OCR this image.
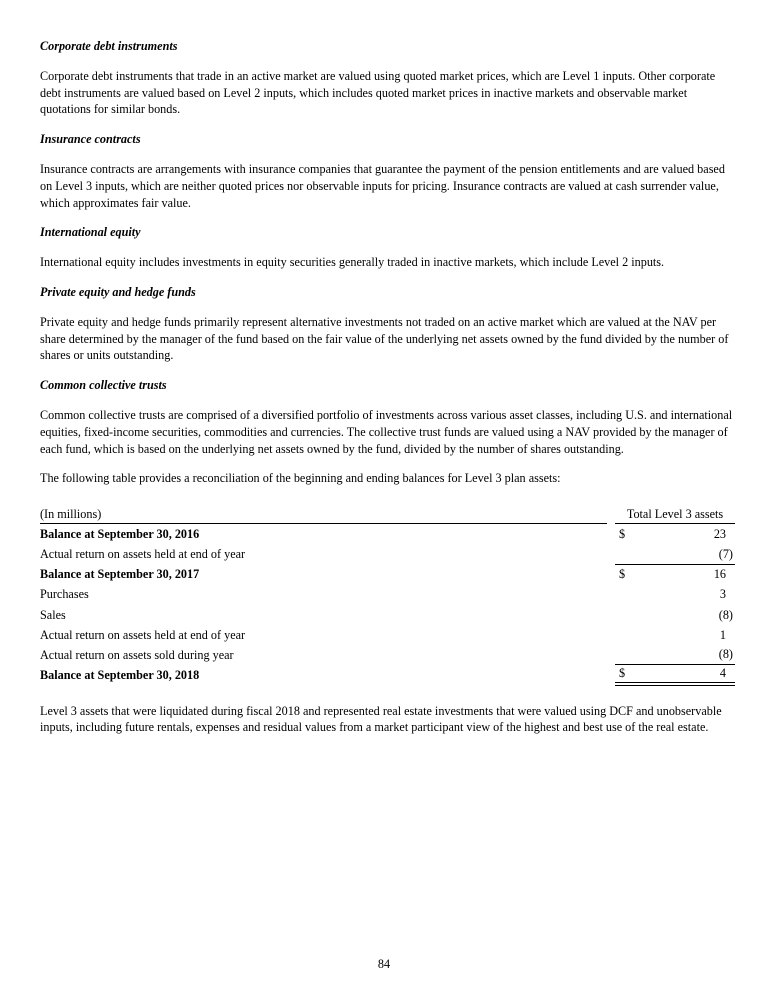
Corporate debt instruments

Corporate debt instruments that trade in an active market are valued using quoted market prices, which are Level 1 inputs. Other corporate debt instruments are valued based on Level 2 inputs, which includes quoted market prices in inactive markets and observable market quotations for similar bonds.

Insurance contracts

Insurance contracts are arrangements with insurance companies that guarantee the payment of the pension entitlements and are valued based on Level 3 inputs, which are neither quoted prices nor observable inputs for pricing. Insurance contracts are valued at cash surrender value, which approximates fair value.

International equity

International equity includes investments in equity securities generally traded in inactive markets, which include Level 2 inputs.

Private equity and hedge funds

Private equity and hedge funds primarily represent alternative investments not traded on an active market which are valued at the NAV per share determined by the manager of the fund based on the fair value of the underlying net assets owned by the fund divided by the number of shares or units outstanding.

Common collective trusts

Common collective trusts are comprised of a diversified portfolio of investments across various asset classes, including U.S. and international equities, fixed-income securities, commodities and currencies. The collective trust funds are valued using a NAV provided by the manager of each fund, which is based on the underlying net assets owned by the fund, divided by the number of shares outstanding.

The following table provides a reconciliation of the beginning and ending balances for Level 3 plan assets:

(In millions)	Total Level 3 assets
Balance at September 30, 2016	$	23
Actual return on assets held at end of year	(7)
Balance at September 30, 2017	$	16
Purchases	3
Sales	(8)
Actual return on assets held at end of year	1
Actual return on assets sold during year	(8)
Balance at September 30, 2018	$	4

Level 3 assets that were liquidated during fiscal 2018 and represented real estate investments that were valued using DCF and unobservable inputs, including future rentals, expenses and residual values from a market participant view of the highest and best use of the real estate.

84
